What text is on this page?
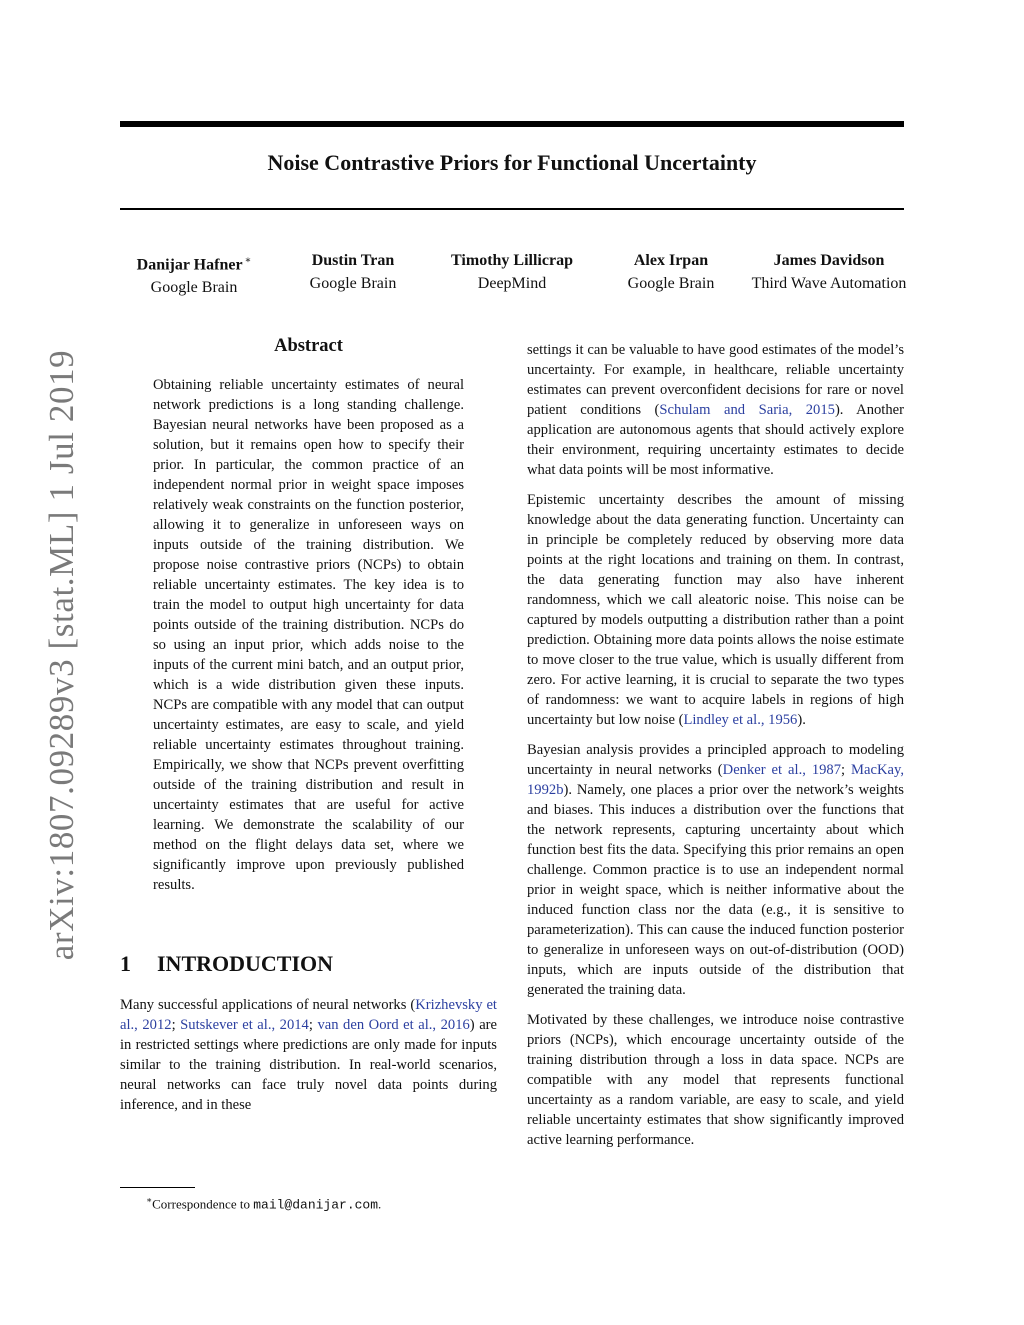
arXiv:1807.09289v3 [stat.ML] 1 Jul 2019
Noise Contrastive Priors for Functional Uncertainty
Danijar Hafner ∗
Google Brain
Dustin Tran
Google Brain
Timothy Lillicrap
DeepMind
Alex Irpan
Google Brain
James Davidson
Third Wave Automation
Abstract

Obtaining reliable uncertainty estimates of neural network predictions is a long standing challenge. Bayesian neural networks have been proposed as a solution, but it remains open how to specify their prior. In particular, the common practice of an independent normal prior in weight space imposes relatively weak constraints on the function posterior, allowing it to generalize in unforeseen ways on inputs outside of the training distribution. We propose noise contrastive priors (NCPs) to obtain reliable uncertainty estimates. The key idea is to train the model to output high uncertainty for data points outside of the training distribution. NCPs do so using an input prior, which adds noise to the inputs of the current mini batch, and an output prior, which is a wide distribution given these inputs. NCPs are compatible with any model that can output uncertainty estimates, are easy to scale, and yield reliable uncertainty estimates throughout training. Empirically, we show that NCPs prevent overfitting outside of the training distribution and result in uncertainty estimates that are useful for active learning. We demonstrate the scalability of our method on the flight delays data set, where we significantly improve upon previously published results.

1 INTRODUCTION

Many successful applications of neural networks (Krizhevsky et al., 2012; Sutskever et al., 2014; van den Oord et al., 2016) are in restricted settings where predictions are only made for inputs similar to the training distribution. In real-world scenarios, neural networks can face truly novel data points during inference, and in these

settings it can be valuable to have good estimates of the model’s uncertainty. For example, in healthcare, reliable uncertainty estimates can prevent overconfident decisions for rare or novel patient conditions (Schulam and Saria, 2015). Another application are autonomous agents that should actively explore their environment, requiring uncertainty estimates to decide what data points will be most informative.

Epistemic uncertainty describes the amount of missing knowledge about the data generating function. Uncertainty can in principle be completely reduced by observing more data points at the right locations and training on them. In contrast, the data generating function may also have inherent randomness, which we call aleatoric noise. This noise can be captured by models outputting a distribution rather than a point prediction. Obtaining more data points allows the noise estimate to move closer to the true value, which is usually different from zero. For active learning, it is crucial to separate the two types of randomness: we want to acquire labels in regions of high uncertainty but low noise (Lindley et al., 1956).

Bayesian analysis provides a principled approach to modeling uncertainty in neural networks (Denker et al., 1987; MacKay, 1992b). Namely, one places a prior over the network’s weights and biases. This induces a distribution over the functions that the network represents, capturing uncertainty about which function best fits the data. Specifying this prior remains an open challenge. Common practice is to use an independent normal prior in weight space, which is neither informative about the induced function class nor the data (e.g., it is sensitive to parameterization). This can cause the induced function posterior to generalize in unforeseen ways on out-of-distribution (OOD) inputs, which are inputs outside of the distribution that generated the training data.

Motivated by these challenges, we introduce noise contrastive priors (NCPs), which encourage uncertainty outside of the training distribution through a loss in data space. NCPs are compatible with any model that represents functional uncertainty as a random variable, are easy to scale, and yield reliable uncertainty estimates that show significantly improved active learning performance.

∗Correspondence to mail@danijar.com.
